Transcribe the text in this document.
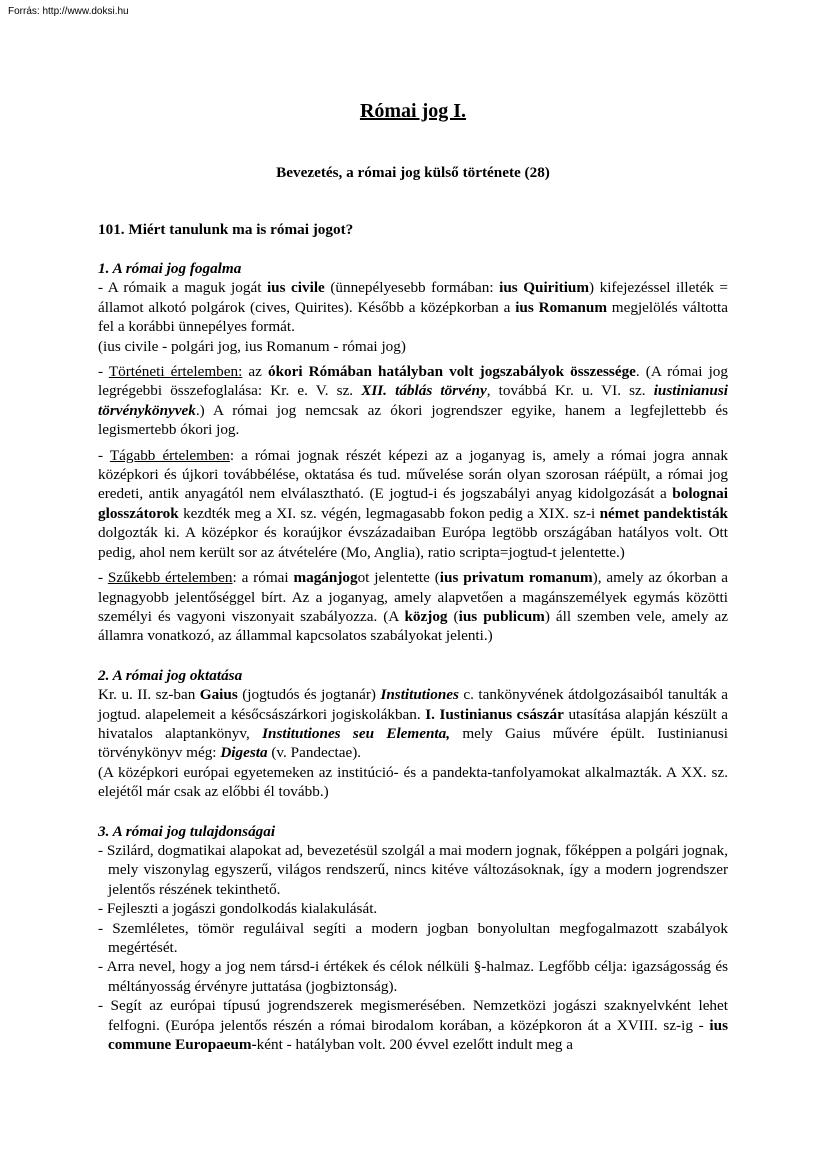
Forrás: http://www.doksi.hu
Római jog I.
Bevezetés, a római jog külső története (28)
101. Miért tanulunk ma is római jogot?
1. A római jog fogalma

- A rómaik a maguk jogát ius civile (ünnepélyesebb formában: ius Quiritium) kifejezéssel illeték = államot alkotó polgárok (cives, Quirites). Később a középkorban a ius Romanum megjelölés váltotta fel a korábbi ünnepélyes formát.

(ius civile - polgári jog, ius Romanum - római jog)

- Történeti értelemben: az ókori Rómában hatályban volt jogszabályok összessége. (A római jog legrégebbi összefoglalása: Kr. e. V. sz. XII. táblás törvény, továbbá Kr. u. VI. sz. iustinianusi törvénykönyvek.) A római jog nemcsak az ókori jogrendszer egyike, hanem a legfejlettebb és legismertebb ókori jog.

- Tágabb értelemben: a római jognak részét képezi az a joganyag is, amely a római jogra annak középkori és újkori továbbélése, oktatása és tud. művelése során olyan szorosan ráépült, a római jog eredeti, antik anyagától nem elválasztható. (E jogtud-i és jogszabályi anyag kidolgozását a bolognai glosszátorok kezdték meg a XI. sz. végén, legmagasabb fokon pedig a XIX. sz-i német pandektisták dolgozták ki. A középkor és koraújkor évszázadaiban Európa legtöbb országában hatályos volt. Ott pedig, ahol nem került sor az átvételére (Mo, Anglia), ratio scripta=jogtud-t jelentette.)

- Szűkebb értelemben: a római magánjogot jelentette (ius privatum romanum), amely az ókorban a legnagyobb jelentőséggel bírt. Az a joganyag, amely alapvetően a magánszemélyek egymás közötti személyi és vagyoni viszonyait szabályozza. (A közjog (ius publicum) áll szemben vele, amely az államra vonatkozó, az állammal kapcsolatos szabályokat jelenti.)

2. A római jog oktatása

Kr. u. II. sz-ban Gaius (jogtudós és jogtanár) Institutiones c. tankönyvének átdolgozásaiból tanulták a jogtud. alapelemeit a későcsászárkori jogiskolákban. I. Iustinianus császár utasítása alapján készült a hivatalos alaptankönyv, Institutiones seu Elementa, mely Gaius művére épült. Iustinianusi törvénykönyv még: Digesta (v. Pandectae).

(A középkori európai egyetemeken az institúció- és a pandekta-tanfolyamokat alkalmazták. A XX. sz. elejétől már csak az előbbi él tovább.)

3. A római jog tulajdonságai
- Szilárd, dogmatikai alapokat ad, bevezetésül szolgál a mai modern jognak, főképpen a polgári jognak, mely viszonylag egyszerű, világos rendszerű, nincs kitéve változásoknak, így a modern jogrendszer jelentős részének tekinthető.
- Fejleszti a jogászi gondolkodás kialakulását.
- Szemléletes, tömör reguláival segíti a modern jogban bonyolultan megfogalmazott szabályok megértését.
- Arra nevel, hogy a jog nem társd-i értékek és célok nélküli §-halmaz. Legfőbb célja: igazságosság és méltányosság érvényre juttatása (jogbiztonság).
- Segít az európai típusú jogrendszerek megismerésében. Nemzetközi jogászi szaknyelvként lehet felfogni. (Európa jelentős részén a római birodalom korában, a középkoron át a XVIII. sz-ig - ius commune Europaeum-ként - hatályban volt. 200 évvel ezelőtt indult meg a
